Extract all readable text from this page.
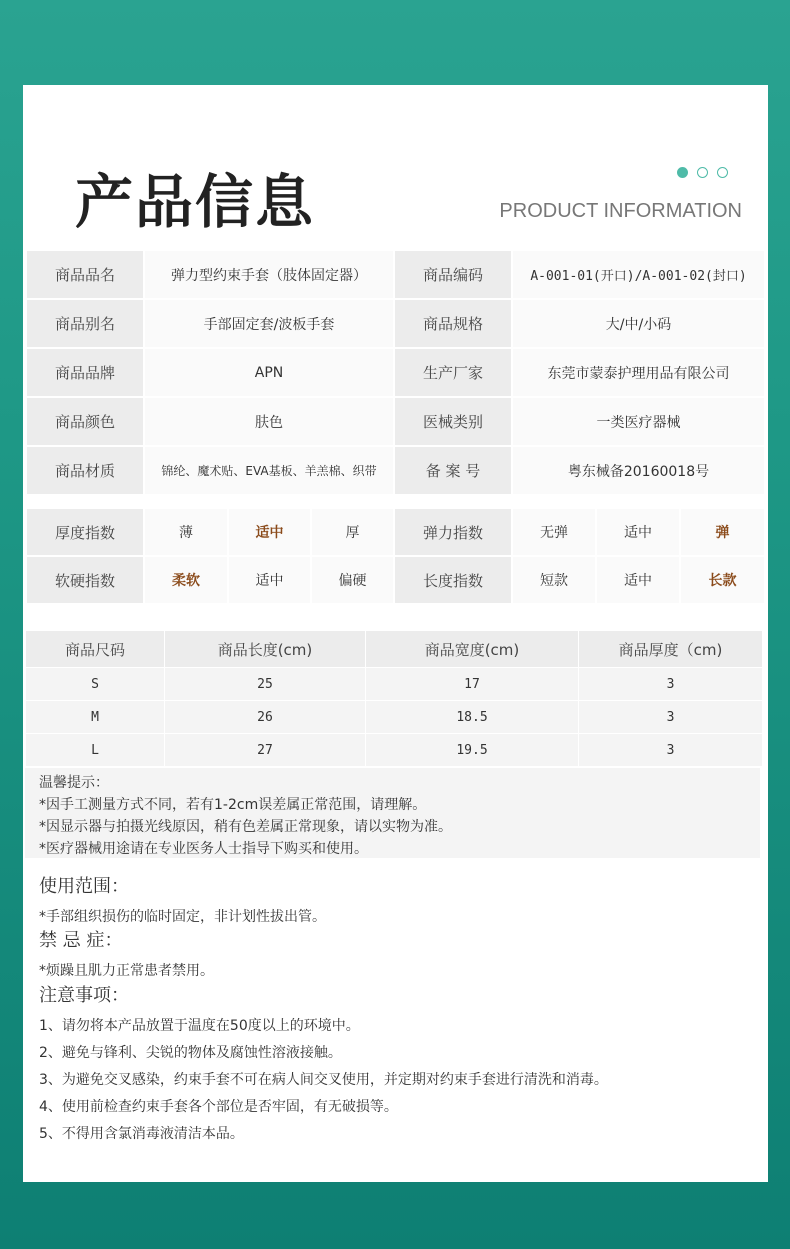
产品信息	PRODUCT INFORMATION
商品品名	弹力型约束手套（肢体固定器）	商品编码	A-001-01(开口)/A-001-02(封口)
商品别名	手部固定套/波板手套	商品规格	大/中/小码
商品品牌	APN	生产厂家	东莞市蒙泰护理用品有限公司
商品颜色	肤色	医械类别	一类医疗器械
商品材质	锦纶、魔术贴、EVA基板、羊羔棉、织带	备 案 号	粤东械备20160018号
厚度指数	薄	适中	厚	弹力指数	无弹	适中	弹
软硬指数	柔软	适中	偏硬	长度指数	短款	适中	长款
商品尺码	商品长度(cm)	商品宽度(cm)	商品厚度（cm)
S	25	17	3
M	26	18.5	3
L	27	19.5	3
温馨提示：
*因手工测量方式不同，若有1-2cm误差属正常范围，请理解。
*因显示器与拍摄光线原因，稍有色差属正常现象，请以实物为准。
*医疗器械用途请在专业医务人士指导下购买和使用。
使用范围：
*手部组织损伤的临时固定，非计划性拔出管。
禁 忌 症：
*烦躁且肌力正常患者禁用。
注意事项：
1、请勿将本产品放置于温度在50度以上的环境中。
2、避免与锋利、尖锐的物体及腐蚀性溶液接触。
3、为避免交叉感染，约束手套不可在病人间交叉使用，并定期对约束手套进行清洗和消毒。
4、使用前检查约束手套各个部位是否牢固，有无破损等。
5、不得用含氯消毒液清洁本品。
